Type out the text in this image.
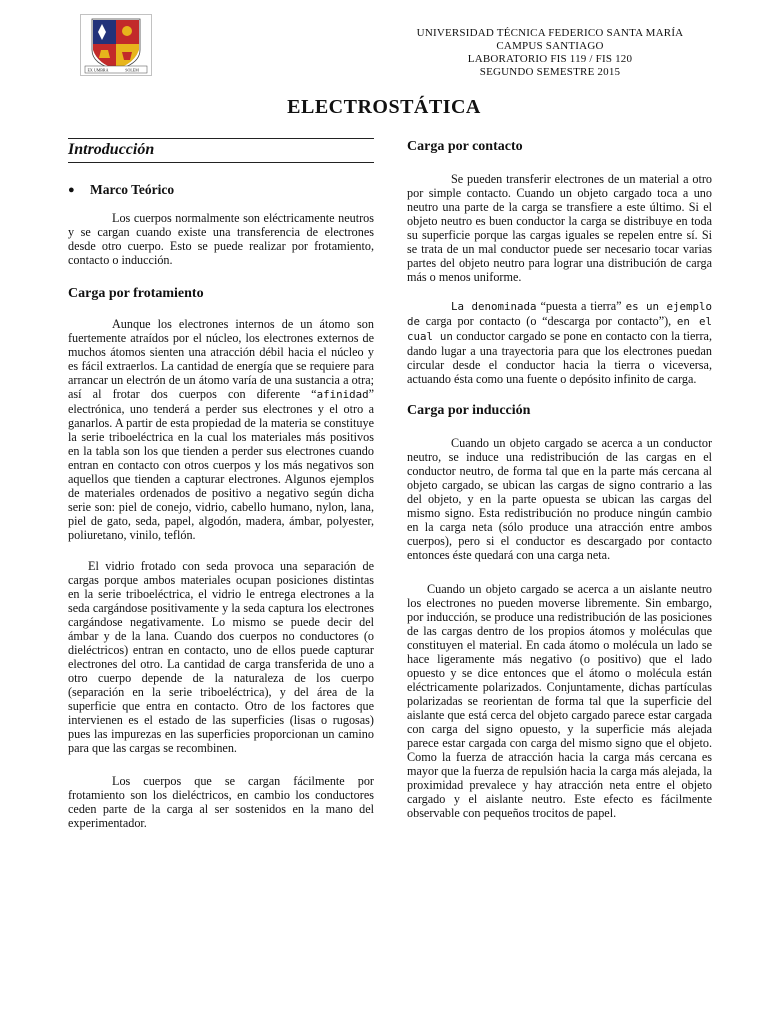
EX UMBRA	SOLEM
UNIVERSIDAD TÉCNICA FEDERICO SANTA MARÍA
CAMPUS SANTIAGO
LABORATORIO FIS 119 / FIS 120
SEGUNDO SEMESTRE 2015
ELECTROSTÁTICA
Introducción
●	Marco Teórico

Los cuerpos normalmente son eléctricamente neutros y se cargan cuando existe una transferencia de electrones desde otro cuerpo. Esto se puede realizar por frotamiento, contacto o inducción.

Carga por frotamiento

Aunque los electrones internos de un átomo son fuertemente atraídos por el núcleo, los electrones externos de muchos átomos sienten una atracción débil hacia el núcleo y es fácil extraerlos. La cantidad de energía que se requiere para arrancar un electrón de un átomo varía de una sustancia a otra; así al frotar dos cuerpos con diferente “afinidad” electrónica, uno tenderá a perder sus electrones y el otro a ganarlos. A partir de esta propiedad de la materia se constituye la serie triboeléctrica en la cual los materiales más positivos en la tabla son los que tienden a perder sus electrones cuando entran en contacto con otros cuerpos y los más negativos son aquellos que tienden a capturar electrones. Algunos ejemplos de materiales ordenados de positivo a negativo según dicha serie son: piel de conejo, vidrio, cabello humano, nylon, lana, piel de gato, seda, papel, algodón, madera, ámbar, polyester, poliuretano, vinilo, teflón.

El vidrio frotado con seda provoca una separación de cargas porque ambos materiales ocupan posiciones distintas en la serie triboeléctrica, el vidrio le entrega electrones a la seda cargándose positivamente y la seda captura los electrones cargándose negativamente. Lo mismo se puede decir del ámbar y de la lana. Cuando dos cuerpos no conductores (o dieléctricos) entran en contacto, uno de ellos puede capturar electrones del otro. La cantidad de carga transferida de uno a otro cuerpo depende de la naturaleza de los cuerpo (separación en la serie triboeléctrica), y del área de la superficie que entra en contacto. Otro de los factores que intervienen es el estado de las superficies (lisas o rugosas) pues las impurezas en las superficies proporcionan un camino para que las cargas se recombinen.

Los cuerpos que se cargan fácilmente por frotamiento son los dieléctricos, en cambio los conductores ceden parte de la carga al ser sostenidos en la mano del experimentador.

Carga por contacto

Se pueden transferir electrones de un material a otro por simple contacto. Cuando un objeto cargado toca a uno neutro una parte de la carga se transfiere a este último. Si el objeto neutro es buen conductor la carga se distribuye en toda su superficie porque las cargas iguales se repelen entre sí. Si se trata de un mal conductor puede ser necesario tocar varias partes del objeto neutro para lograr una distribución de carga más o menos uniforme.

La denominada “puesta a tierra” es un ejemplo de carga por contacto (o “descarga por contacto”), en el cual un conductor cargado se pone en contacto con la tierra, dando lugar a una trayectoria para que los electrones puedan circular desde el conductor hacia la tierra o viceversa, actuando ésta como una fuente o depósito infinito de carga.

Carga por inducción

Cuando un objeto cargado se acerca a un conductor neutro, se induce una redistribución de las cargas en el conductor neutro, de forma tal que en la parte más cercana al objeto cargado, se ubican las cargas de signo contrario a las del objeto, y en la parte opuesta se ubican las cargas del mismo signo. Esta redistribución no produce ningún cambio en la carga neta (sólo produce una atracción entre ambos cuerpos), pero si el conductor es descargado por contacto entonces éste quedará con una carga neta.

Cuando un objeto cargado se acerca a un aislante neutro los electrones no pueden moverse libremente. Sin embargo, por inducción, se produce una redistribución de las posiciones de las cargas dentro de los propios átomos y moléculas que constituyen el material. En cada átomo o molécula un lado se hace ligeramente más negativo (o positivo) que el lado opuesto y se dice entonces que el átomo o molécula están eléctricamente polarizados. Conjuntamente, dichas partículas polarizadas se reorientan de forma tal que la superficie del aislante que está cerca del objeto cargado parece estar cargada con carga del signo opuesto, y la superficie más alejada parece estar cargada con carga del mismo signo que el objeto. Como la fuerza de atracción hacia la carga más cercana es mayor que la fuerza de repulsión hacia la carga más alejada, la proximidad prevalece y hay atracción neta entre el objeto cargado y el aislante neutro. Este efecto es fácilmente observable con pequeños trocitos de papel.
